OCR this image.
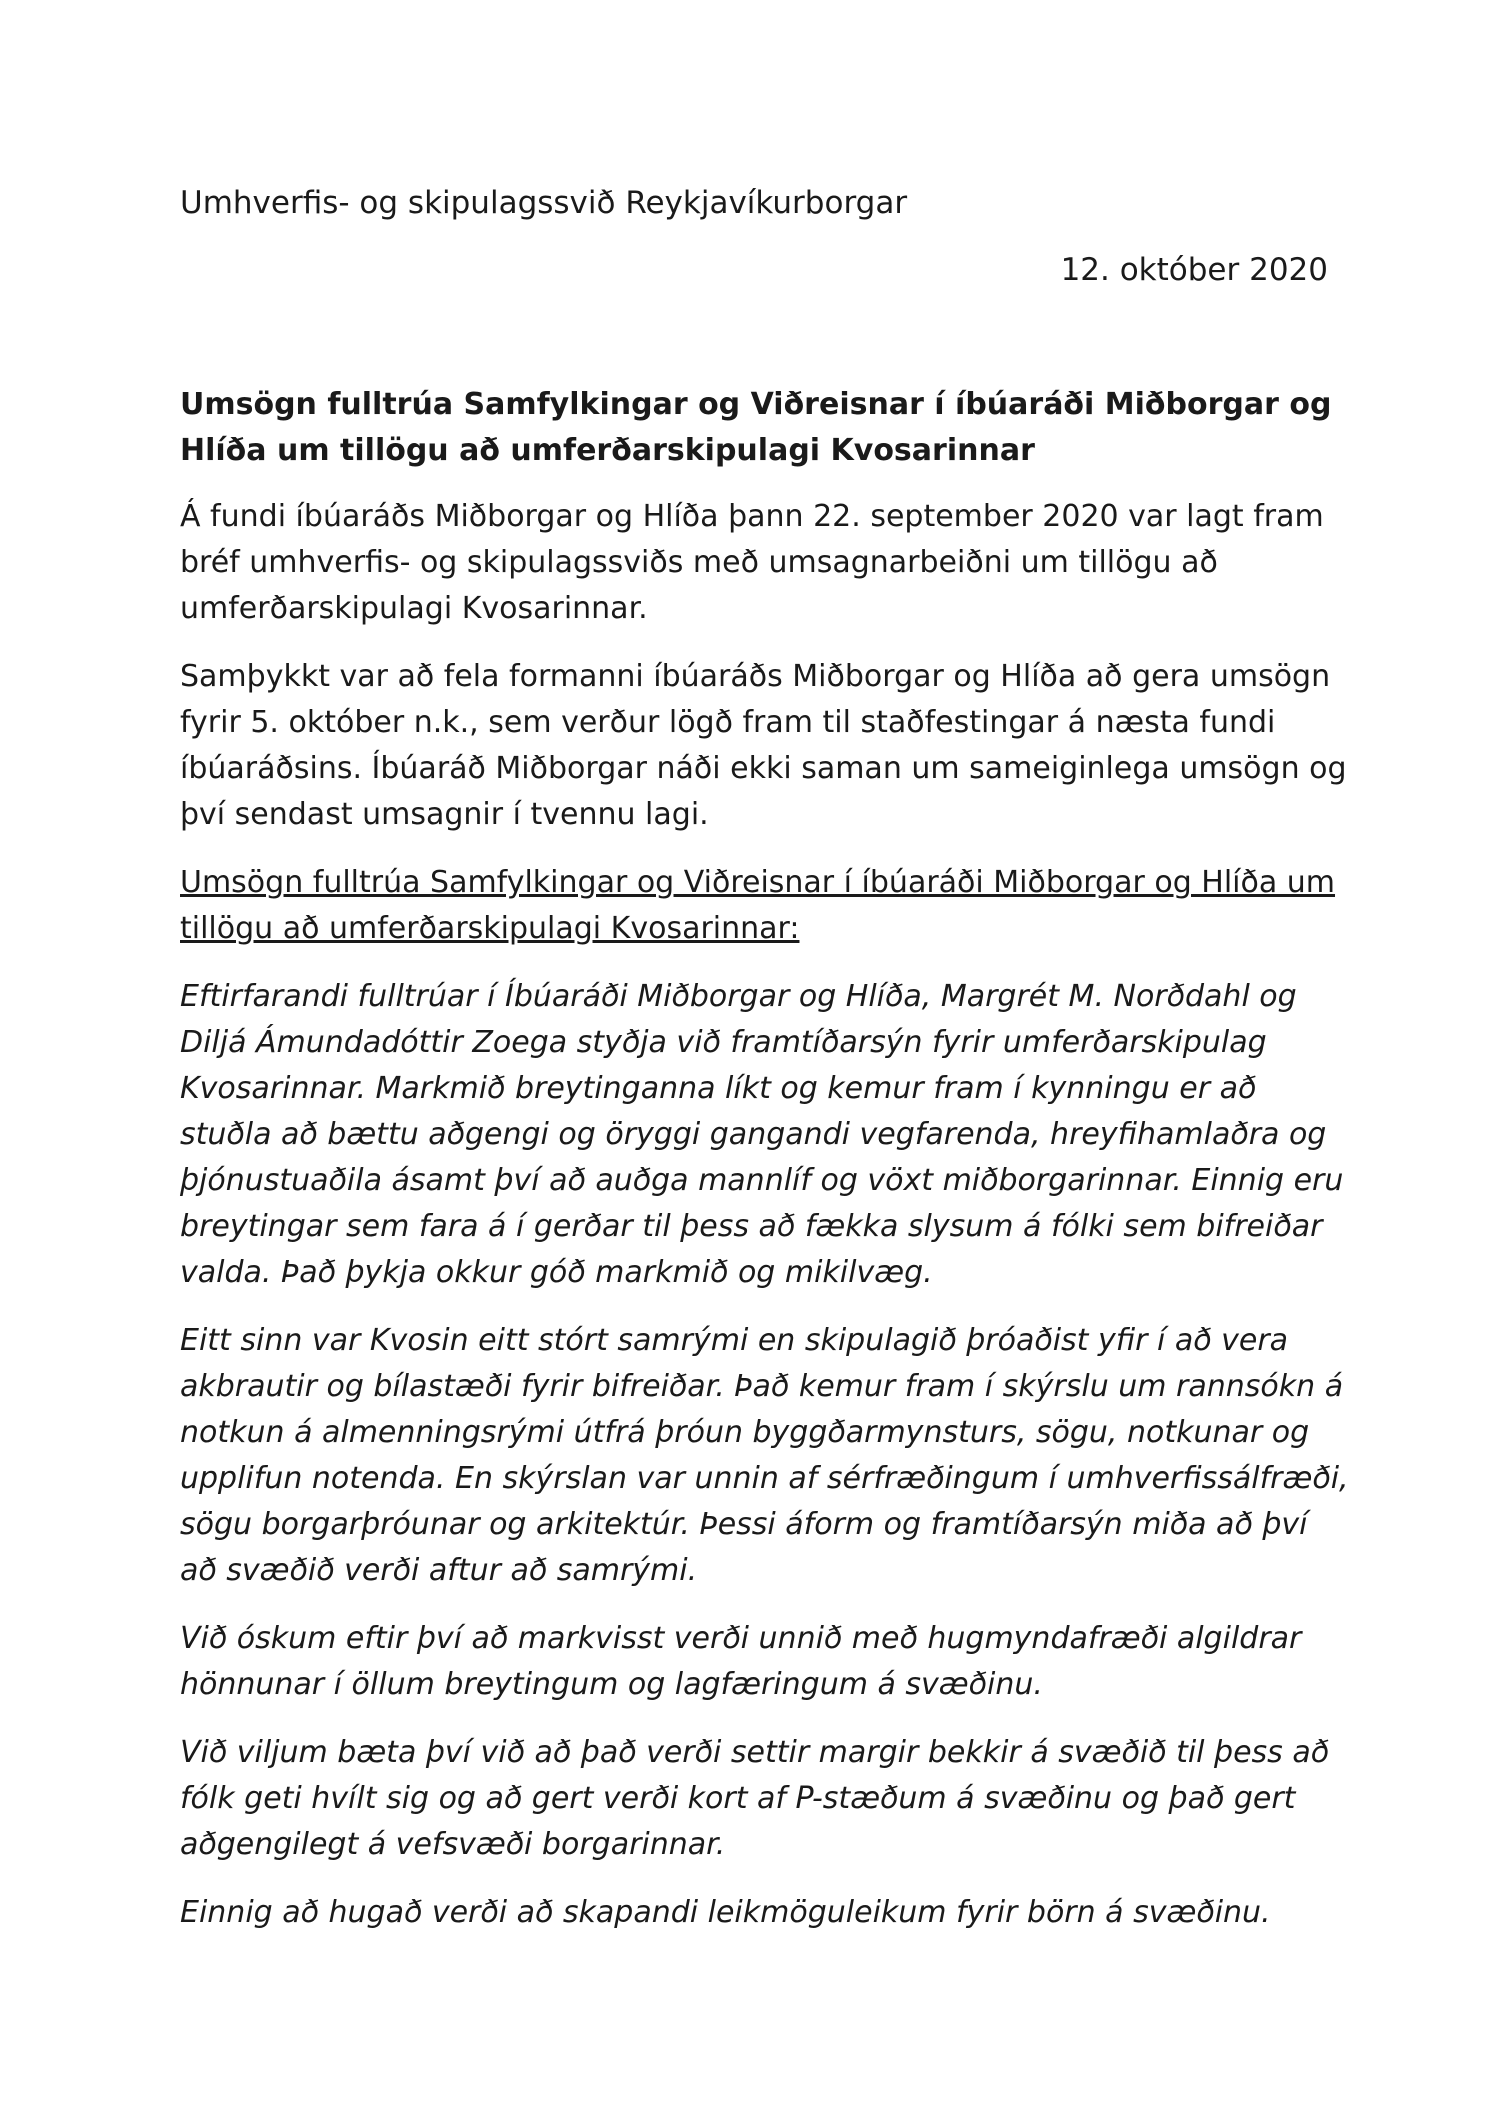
Umhverfis- og skipulagssvið Reykjavíkurborgar

12. október 2020

Umsögn fulltrúa Samfylkingar og Viðreisnar í íbúaráði Miðborgar og Hlíða um tillögu að umferðarskipulagi Kvosarinnar

Á fundi íbúaráðs Miðborgar og Hlíða þann 22. september 2020 var lagt fram bréf umhverfis- og skipulagssviðs með umsagnarbeiðni um tillögu að umferðarskipulagi Kvosarinnar.

Samþykkt var að fela formanni íbúaráðs Miðborgar og Hlíða að gera umsögn fyrir 5. október n.k., sem verður lögð fram til staðfestingar á næsta fundi íbúaráðsins. Íbúaráð Miðborgar náði ekki saman um sameiginlega umsögn og því sendast umsagnir í tvennu lagi.

Umsögn fulltrúa Samfylkingar og Viðreisnar í íbúaráði Miðborgar og Hlíða um tillögu að umferðarskipulagi Kvosarinnar:

Eftirfarandi fulltrúar í Íbúaráði Miðborgar og Hlíða, Margrét M. Norðdahl og Diljá Ámundadóttir Zoega styðja við framtíðarsýn fyrir umferðarskipulag Kvosarinnar. Markmið breytinganna líkt og kemur fram í kynningu er að stuðla að bættu aðgengi og öryggi gangandi vegfarenda, hreyfihamlaðra og þjónustuaðila ásamt því að auðga mannlíf og vöxt miðborgarinnar. Einnig eru breytingar sem fara á í gerðar til þess að fækka slysum á fólki sem bifreiðar valda. Það þykja okkur góð markmið og mikilvæg.

Eitt sinn var Kvosin eitt stórt samrými en skipulagið þróaðist yfir í að vera akbrautir og bílastæði fyrir bifreiðar. Það kemur fram í skýrslu um rannsókn á notkun á almenningsrými útfrá þróun byggðarmynsturs, sögu, notkunar og upplifun notenda. En skýrslan var unnin af sérfræðingum í umhverfissálfræði, sögu borgarþróunar og arkitektúr. Þessi áform og framtíðarsýn miða að því að svæðið verði aftur að samrými.

Við óskum eftir því að markvisst verði unnið með hugmyndafræði algildrar hönnunar í öllum breytingum og lagfæringum á svæðinu.

Við viljum bæta því við að það verði settir margir bekkir á svæðið til þess að fólk geti hvílt sig og að gert verði kort af P-stæðum á svæðinu og það gert aðgengilegt á vefsvæði borgarinnar.

Einnig að hugað verði að skapandi leikmöguleikum fyrir börn á svæðinu.
